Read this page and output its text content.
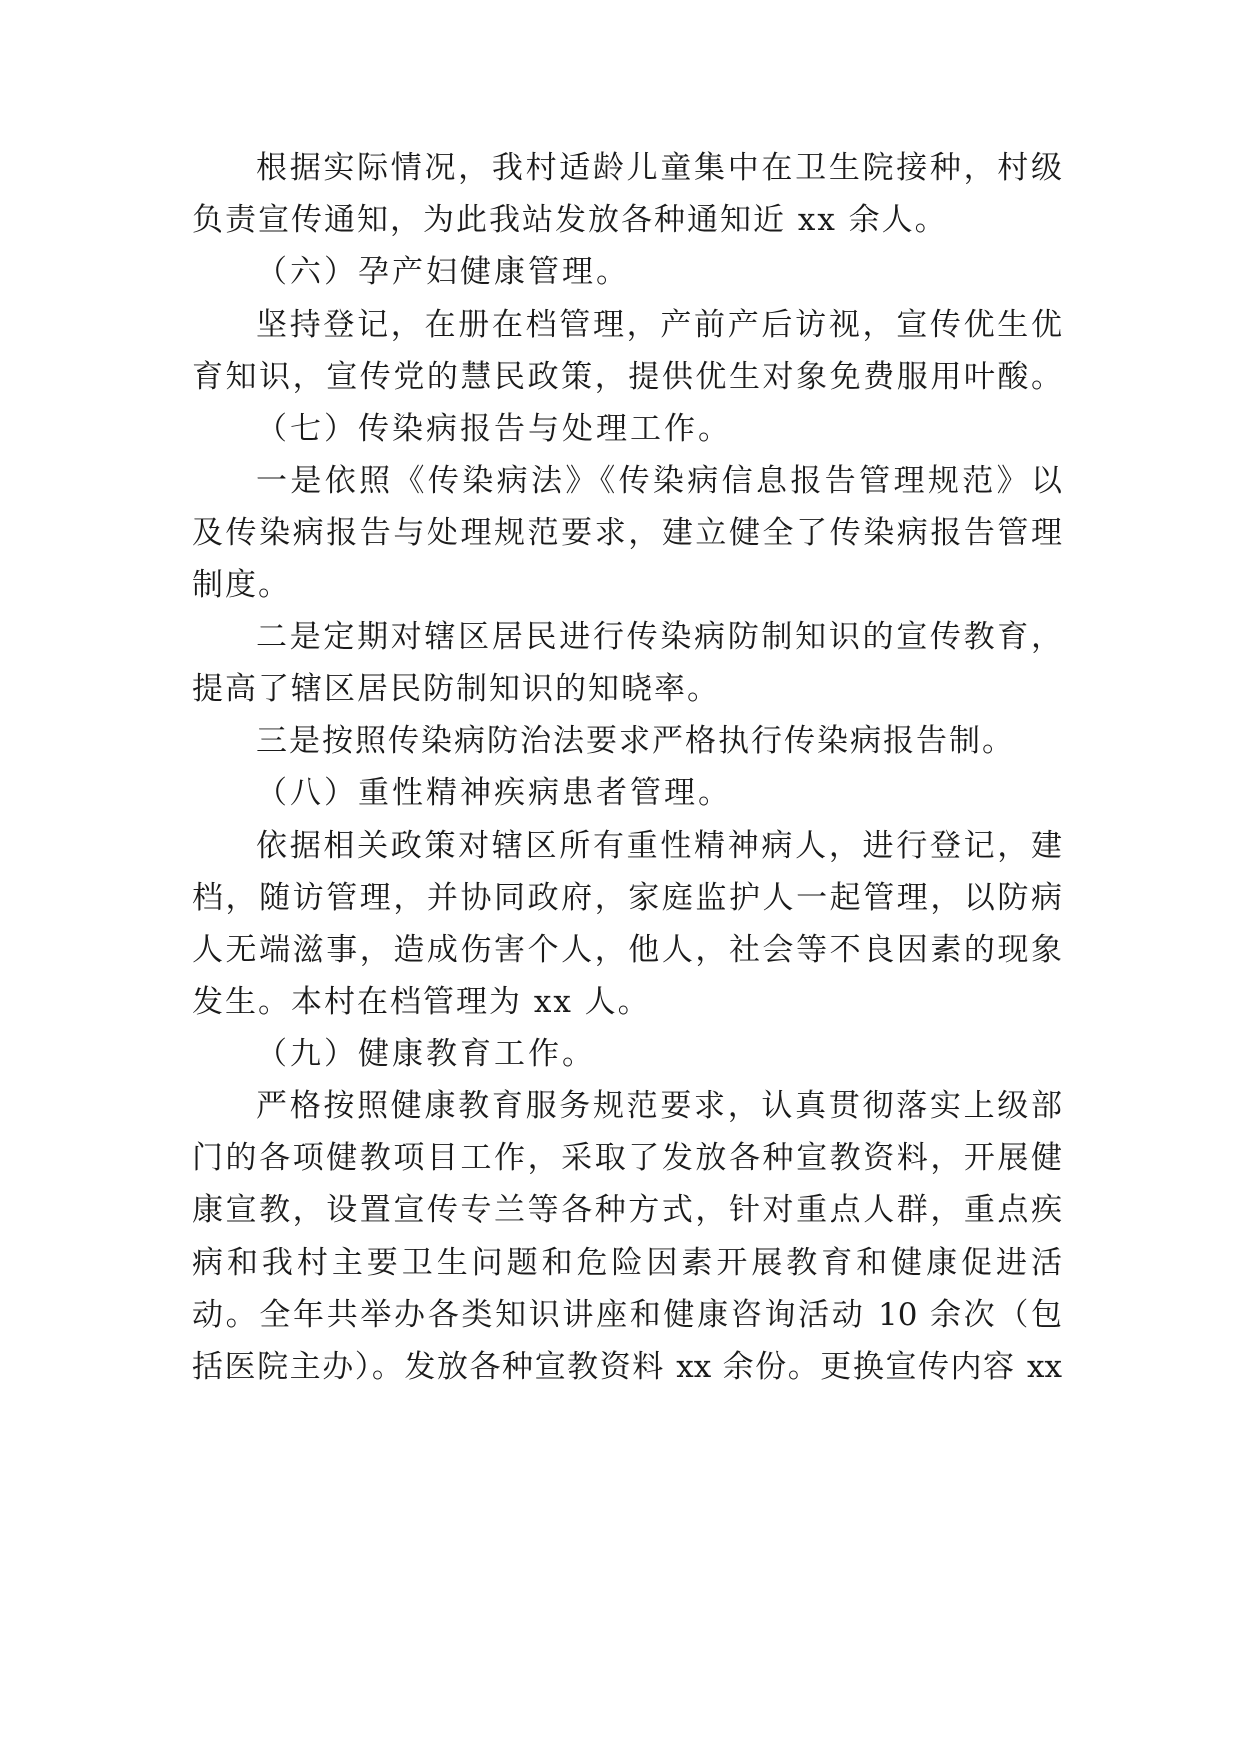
根据实际情况，我村适龄儿童集中在卫生院接种，村级
负责宣传通知，为此我站发放各种通知近 xx 余人。
（六）孕产妇健康管理。
坚持登记，在册在档管理，产前产后访视，宣传优生优
育知识，宣传党的慧民政策，提供优生对象免费服用叶酸。
（七）传染病报告与处理工作。
一是依照《传染病法》《传染病信息报告管理规范》以
及传染病报告与处理规范要求，建立健全了传染病报告管理
制度。
二是定期对辖区居民进行传染病防制知识的宣传教育，
提高了辖区居民防制知识的知晓率。
三是按照传染病防治法要求严格执行传染病报告制。
（八）重性精神疾病患者管理。
依据相关政策对辖区所有重性精神病人，进行登记，建
档，随访管理，并协同政府，家庭监护人一起管理，以防病
人无端滋事，造成伤害个人，他人，社会等不良因素的现象
发生。本村在档管理为 xx 人。
（九）健康教育工作。
严格按照健康教育服务规范要求，认真贯彻落实上级部
门的各项健教项目工作，采取了发放各种宣教资料，开展健
康宣教，设置宣传专兰等各种方式，针对重点人群，重点疾
病和我村主要卫生问题和危险因素开展教育和健康促进活
动。全年共举办各类知识讲座和健康咨询活动 10 余次（包
括医院主办）。发放各种宣教资料 xx 余份。更换宣传内容 xx
